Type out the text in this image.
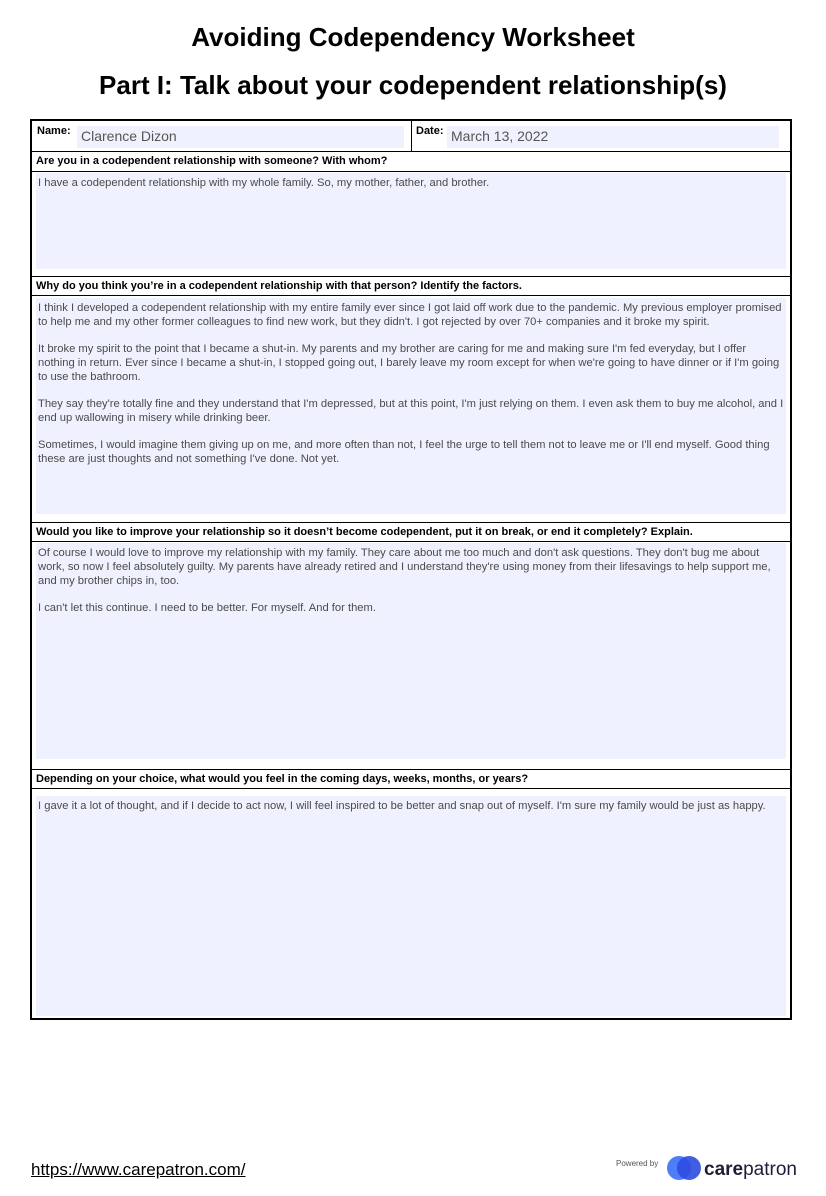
Avoiding Codependency Worksheet
Part I: Talk about your codependent relationship(s)
Name: Clarence Dizon	Date: March 13, 2022
Are you in a codependent relationship with someone? With whom?

I have a codependent relationship with my whole family. So, my mother, father, and brother.

Why do you think you’re in a codependent relationship with that person? Identify the factors.

I think I developed a codependent relationship with my entire family ever since I got laid off work due to the pandemic. My previous employer promised to help me and my other former colleagues to find new work, but they didn't. I got rejected by over 70+ companies and it broke my spirit.

It broke my spirit to the point that I became a shut-in. My parents and my brother are caring for me and making sure I'm fed everyday, but I offer nothing in return. Ever since I became a shut-in, I stopped going out, I barely leave my room except for when we're going to have dinner or if I'm going to use the bathroom.

They say they're totally fine and they understand that I'm depressed, but at this point, I'm just relying on them. I even ask them to buy me alcohol, and I end up wallowing in misery while drinking beer.

Sometimes, I would imagine them giving up on me, and more often than not, I feel the urge to tell them not to leave me or I'll end myself. Good thing these are just thoughts and not something I've done. Not yet.

Would you like to improve your relationship so it doesn’t become codependent, put it on break, or end it completely? Explain.

Of course I would love to improve my relationship with my family. They care about me too much and don't ask questions. They don't bug me about work, so now I feel absolutely guilty. My parents have already retired and I understand they're using money from their lifesavings to help support me, and my brother chips in, too.

I can't let this continue. I need to be better. For myself. And for them.

Depending on your choice, what would you feel in the coming days, weeks, months, or years?

I gave it a lot of thought, and if I decide to act now, I will feel inspired to be better and snap out of myself. I'm sure my family would be just as happy.

https://www.carepatron.com/	Powered by carepatron
